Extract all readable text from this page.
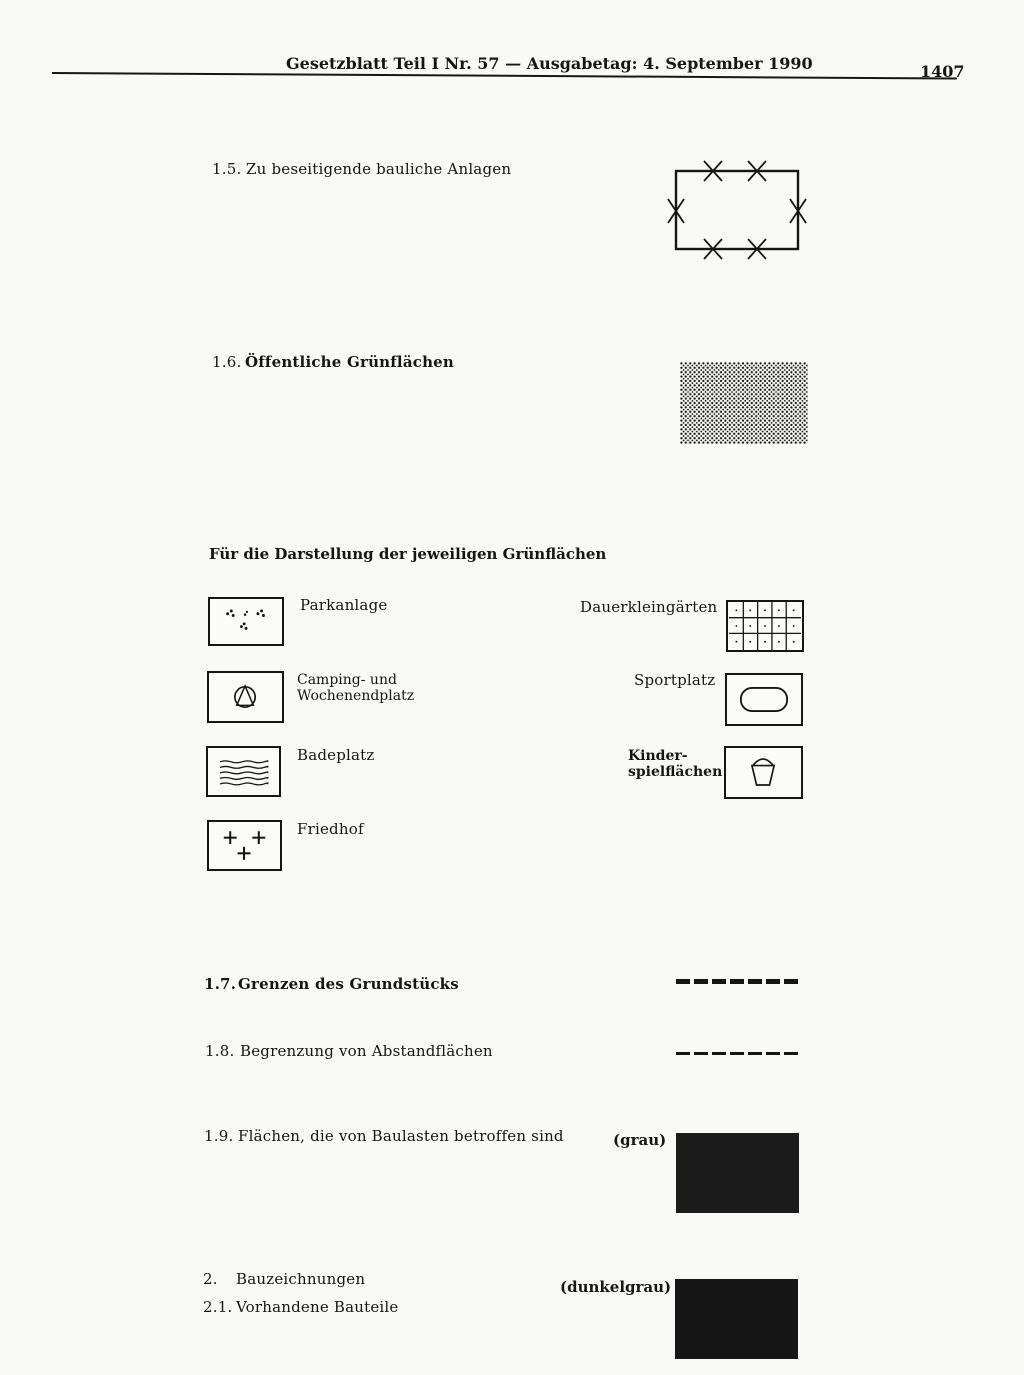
Gesetzblatt Teil I Nr. 57 — Ausgabetag: 4. September 1990	1407
1.5. Zu beseitigende bauliche Anlagen
1.6. Öffentliche Grünflächen
Für die Darstellung der jeweiligen Grünflächen
Parkanlage
Camping- und
Wochenendplatz
Badeplatz
Friedhof
Dauerkleingärten
Sportplatz
Kinder-
spielflächen
1.7. Grenzen des Grundstücks
1.8. Begrenzung von Abstandflächen
1.9. Flächen, die von Baulasten betroffen sind	(grau)
2. Bauzeichnungen	(dunkelgrau)
2.1. Vorhandene Bauteile
